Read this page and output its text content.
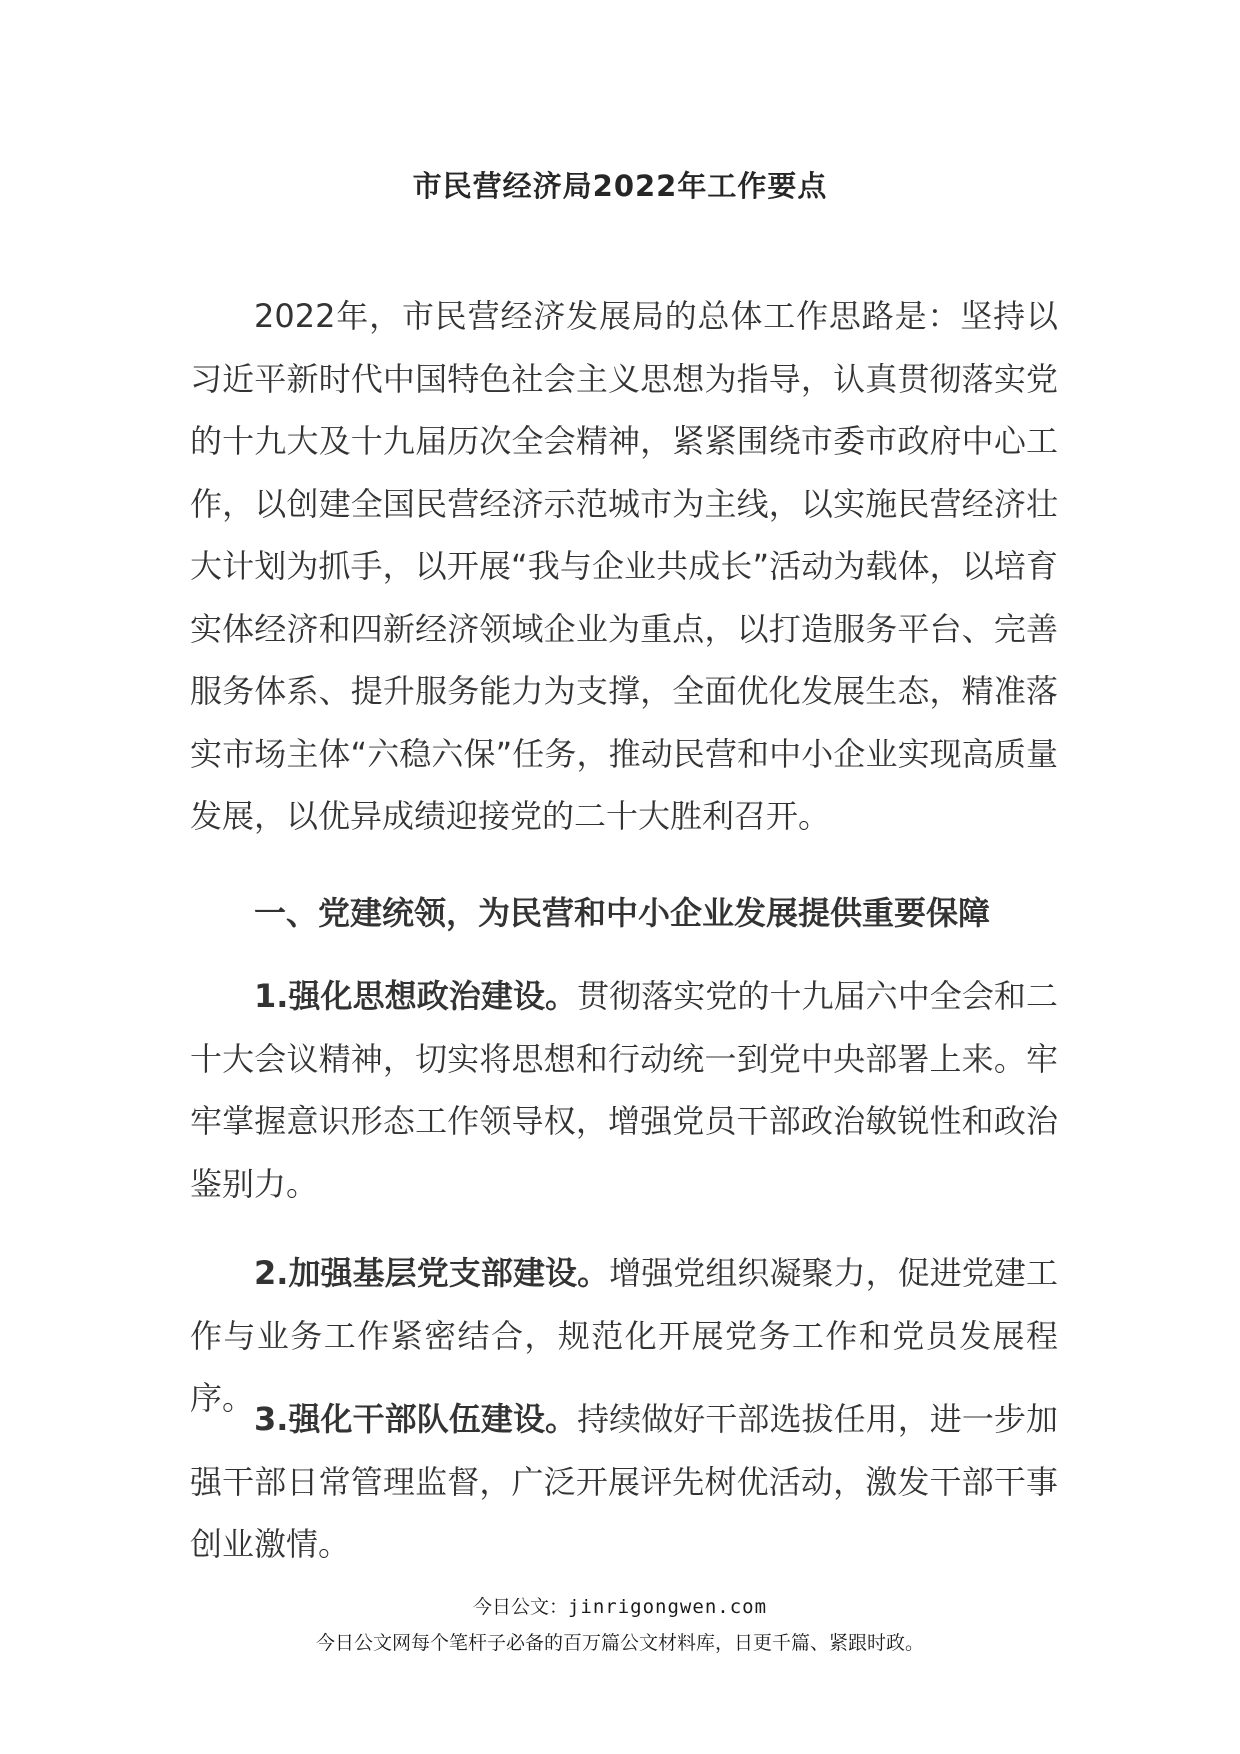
市民营经济局2022年工作要点
2022年，市民营经济发展局的总体工作思路是：坚持以习近平新时代中国特色社会主义思想为指导，认真贯彻落实党的十九大及十九届历次全会精神，紧紧围绕市委市政府中心工作，以创建全国民营经济示范城市为主线，以实施民营经济壮大计划为抓手，以开展“我与企业共成长”活动为载体，以培育实体经济和四新经济领域企业为重点，以打造服务平台、完善服务体系、提升服务能力为支撑，全面优化发展生态，精准落实市场主体“六稳六保”任务，推动民营和中小企业实现高质量发展，以优异成绩迎接党的二十大胜利召开。
一、党建统领，为民营和中小企业发展提供重要保障
1.强化思想政治建设。贯彻落实党的十九届六中全会和二十大会议精神，切实将思想和行动统一到党中央部署上来。牢牢掌握意识形态工作领导权，增强党员干部政治敏锐性和政治鉴别力。
2.加强基层党支部建设。增强党组织凝聚力，促进党建工作与业务工作紧密结合，规范化开展党务工作和党员发展程序。
3.强化干部队伍建设。持续做好干部选拔任用，进一步加强干部日常管理监督，广泛开展评先树优活动，激发干部干事创业激情。
今日公文：jinrigongwen.com
今日公文网每个笔杆子必备的百万篇公文材料库，日更千篇、紧跟时政。
